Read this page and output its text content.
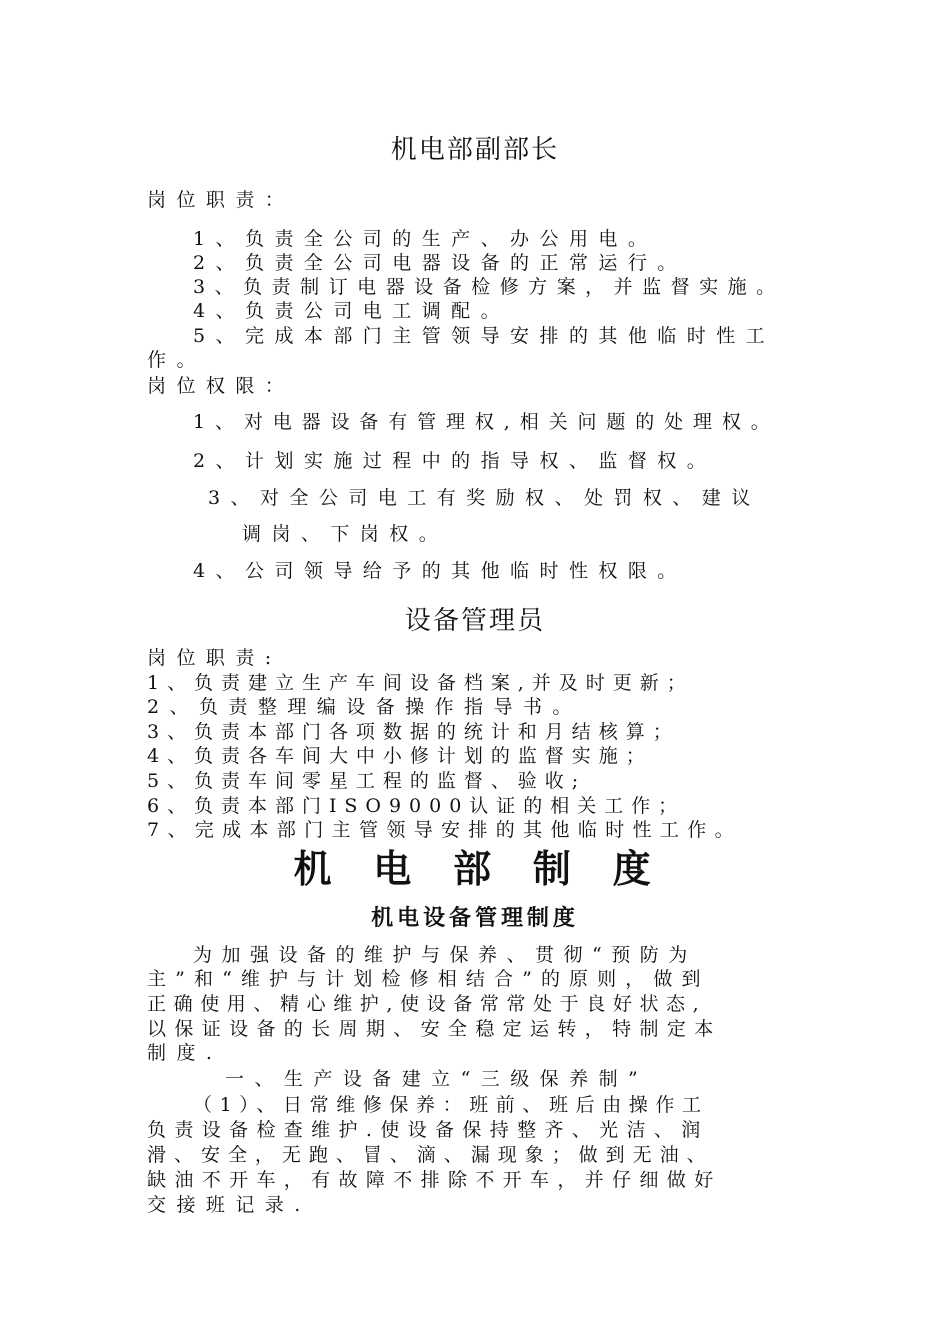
机电部副部长
岗位职责：
1、负责全公司的生产、办公用电。
2、负责全公司电器设备的正常运行。
3、负责制订电器设备检修方案，并监督实施。
4、负责公司电工调配。
5、完成本部门主管领导安排的其他临时性工
作。
岗位权限：
1、对电器设备有管理权,相关问题的处理权。
2、计划实施过程中的指导权、监督权。
3、对全公司电工有奖励权、处罚权、建议
调岗、下岗权。
4、公司领导给予的其他临时性权限。
设备管理员
岗位职责:
1、负责建立生产车间设备档案,并及时更新；
2、负责整理编设备操作指导书。
3、负责本部门各项数据的统计和月结核算；
4、负责各车间大中小修计划的监督实施；
5、负责车间零星工程的监督、验收;
6、负责本部门ISO9000认证的相关工作；
7、完成本部门主管领导安排的其他临时性工作。
机电部制度
机电设备管理制度
为加强设备的维护与保养、贯彻“预防为
主”和“维护与计划检修相结合”的原则，做到
正确使用、精心维护,使设备常常处于良好状态,
以保证设备的长周期、安全稳定运转，特制定本
制度.
一、生产设备建立“三级保养制”
（1）、日常维修保养：班前、班后由操作工
负责设备检查维护.使设备保持整齐、光洁、润
滑、安全，无跑、冒、滴、漏现象；做到无油、
缺油不开车，有故障不排除不开车，并仔细做好
交接班记录.
